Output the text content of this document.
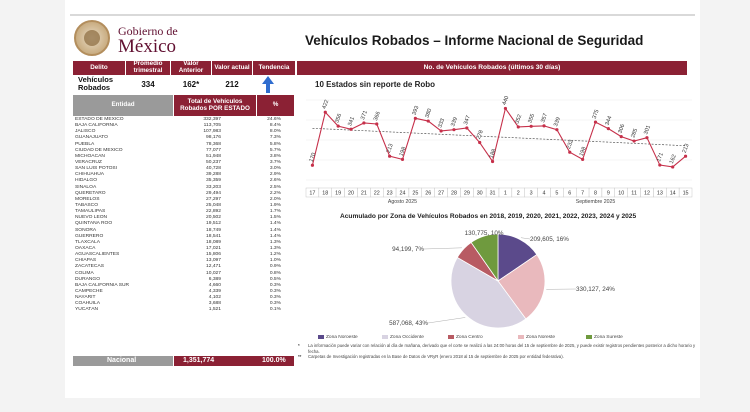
Gobierno de
México	Vehículos Robados – Informe Nacional de Seguridad
Delito	Promedio trimestral
Valor Anterior	Valor actual	Tendencia	No. de Vehículos Robados (últimos 30 días)
Vehículos Robados	334	162*	212
Entidad	Total de Vehículos Robados POR ESTADO	%
ESTADO DE MÉXICO	332,397	24.6%
BAJA CALIFORNIA	113,705	8.4%
JALISCO	107,983	8.0%
GUANAJUATO	98,176	7.3%
PUEBLA	78,368	5.8%
CIUDAD DE MÉXICO	77,077	5.7%
MICHOACÁN	51,948	3.8%
VERACRUZ	50,237	3.7%
SAN LUIS POTOSÍ	40,728	3.0%
CHIHUAHUA	39,288	2.9%
HIDALGO	35,359	2.6%
SINALOA	33,203	2.5%
QUERÉTARO	29,494	2.2%
MORELOS	27,297	2.0%
TABASCO	25,048	1.9%
TAMAULIPAS	22,892	1.7%
NUEVO LEÓN	20,502	1.5%
QUINTANA ROO	19,512	1.4%
SONORA	18,749	1.4%
GUERRERO	18,541	1.4%
TLAXCALA	18,089	1.3%
OAXACA	17,021	1.3%
AGUASCALIENTES	15,806	1.2%
CHIAPAS	13,097	1.0%
ZACATECAS	12,471	0.9%
COLIMA	10,027	0.8%
DURANGO	6,389	0.5%
BAJA CALIFORNIA SUR	4,660	0.3%
CAMPECHE	4,339	0.3%
NAYARIT	4,102	0.3%
COAHUILA	3,688	0.3%
YUCATÁN	1,521	0.1%
Nacional	1,351,774	100.0%
10 Estados sin reporte de Robo
170
422
356 341
371 366
213 198
393 380
333 339 347
278
188
440
352 355 357 339
232
198
375
344
306 285 301
171 162
213
17 18 19 20 21 22 23 24 25 26 27 28 29 30 31 1 2 3 4 5 6 7 8 9 10 11 12 13 14 15
Agosto 2025	Septiembre 2025
Acumulado por Zona de Vehículos Robados en 2018, 2019, 2020, 2021, 2022, 2023, 2024 y 2025
209,605, 16%
330,127, 24%
587,068, 43%
94,199, 7%
130,775, 10%
Zona Noroeste	Zona Occidente	Zona Centro	Zona Noreste	Zona Sureste
* La información puede variar con relación al día de mañana, derivado que el corte se realizó a las 24:00 horas del 15 de septiembre de 2025, y puede existir registros pendientes posterior a dicho horario y fecha.
** Carpetas de Investigación registradas en la Base de Datos de VRyR (enero 2018 al 15 de septiembre de 2025 por entidad federativa).
